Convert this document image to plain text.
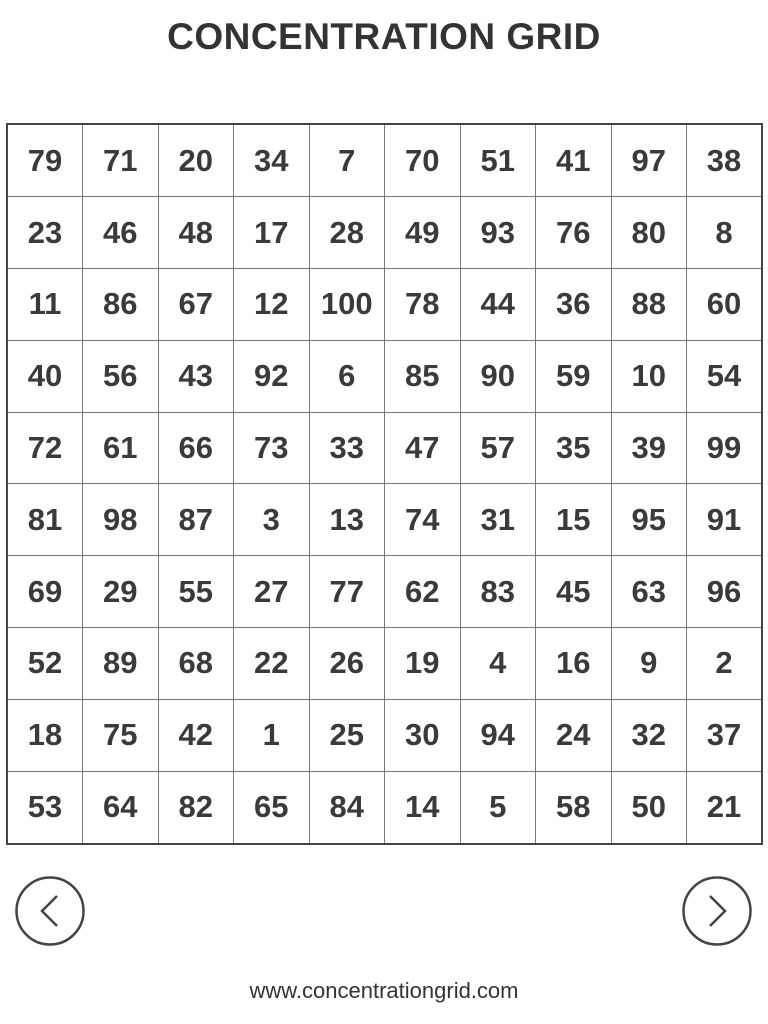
CONCENTRATION GRID
79	71	20	34	7	70	51	41	97	38
23	46	48	17	28	49	93	76	80	8
11	86	67	12	100	78	44	36	88	60
40	56	43	92	6	85	90	59	10	54
72	61	66	73	33	47	57	35	39	99
81	98	87	3	13	74	31	15	95	91
69	29	55	27	77	62	83	45	63	96
52	89	68	22	26	19	4	16	9	2
18	75	42	1	25	30	94	24	32	37
53	64	82	65	84	14	5	58	50	21
www.concentrationgrid.com
